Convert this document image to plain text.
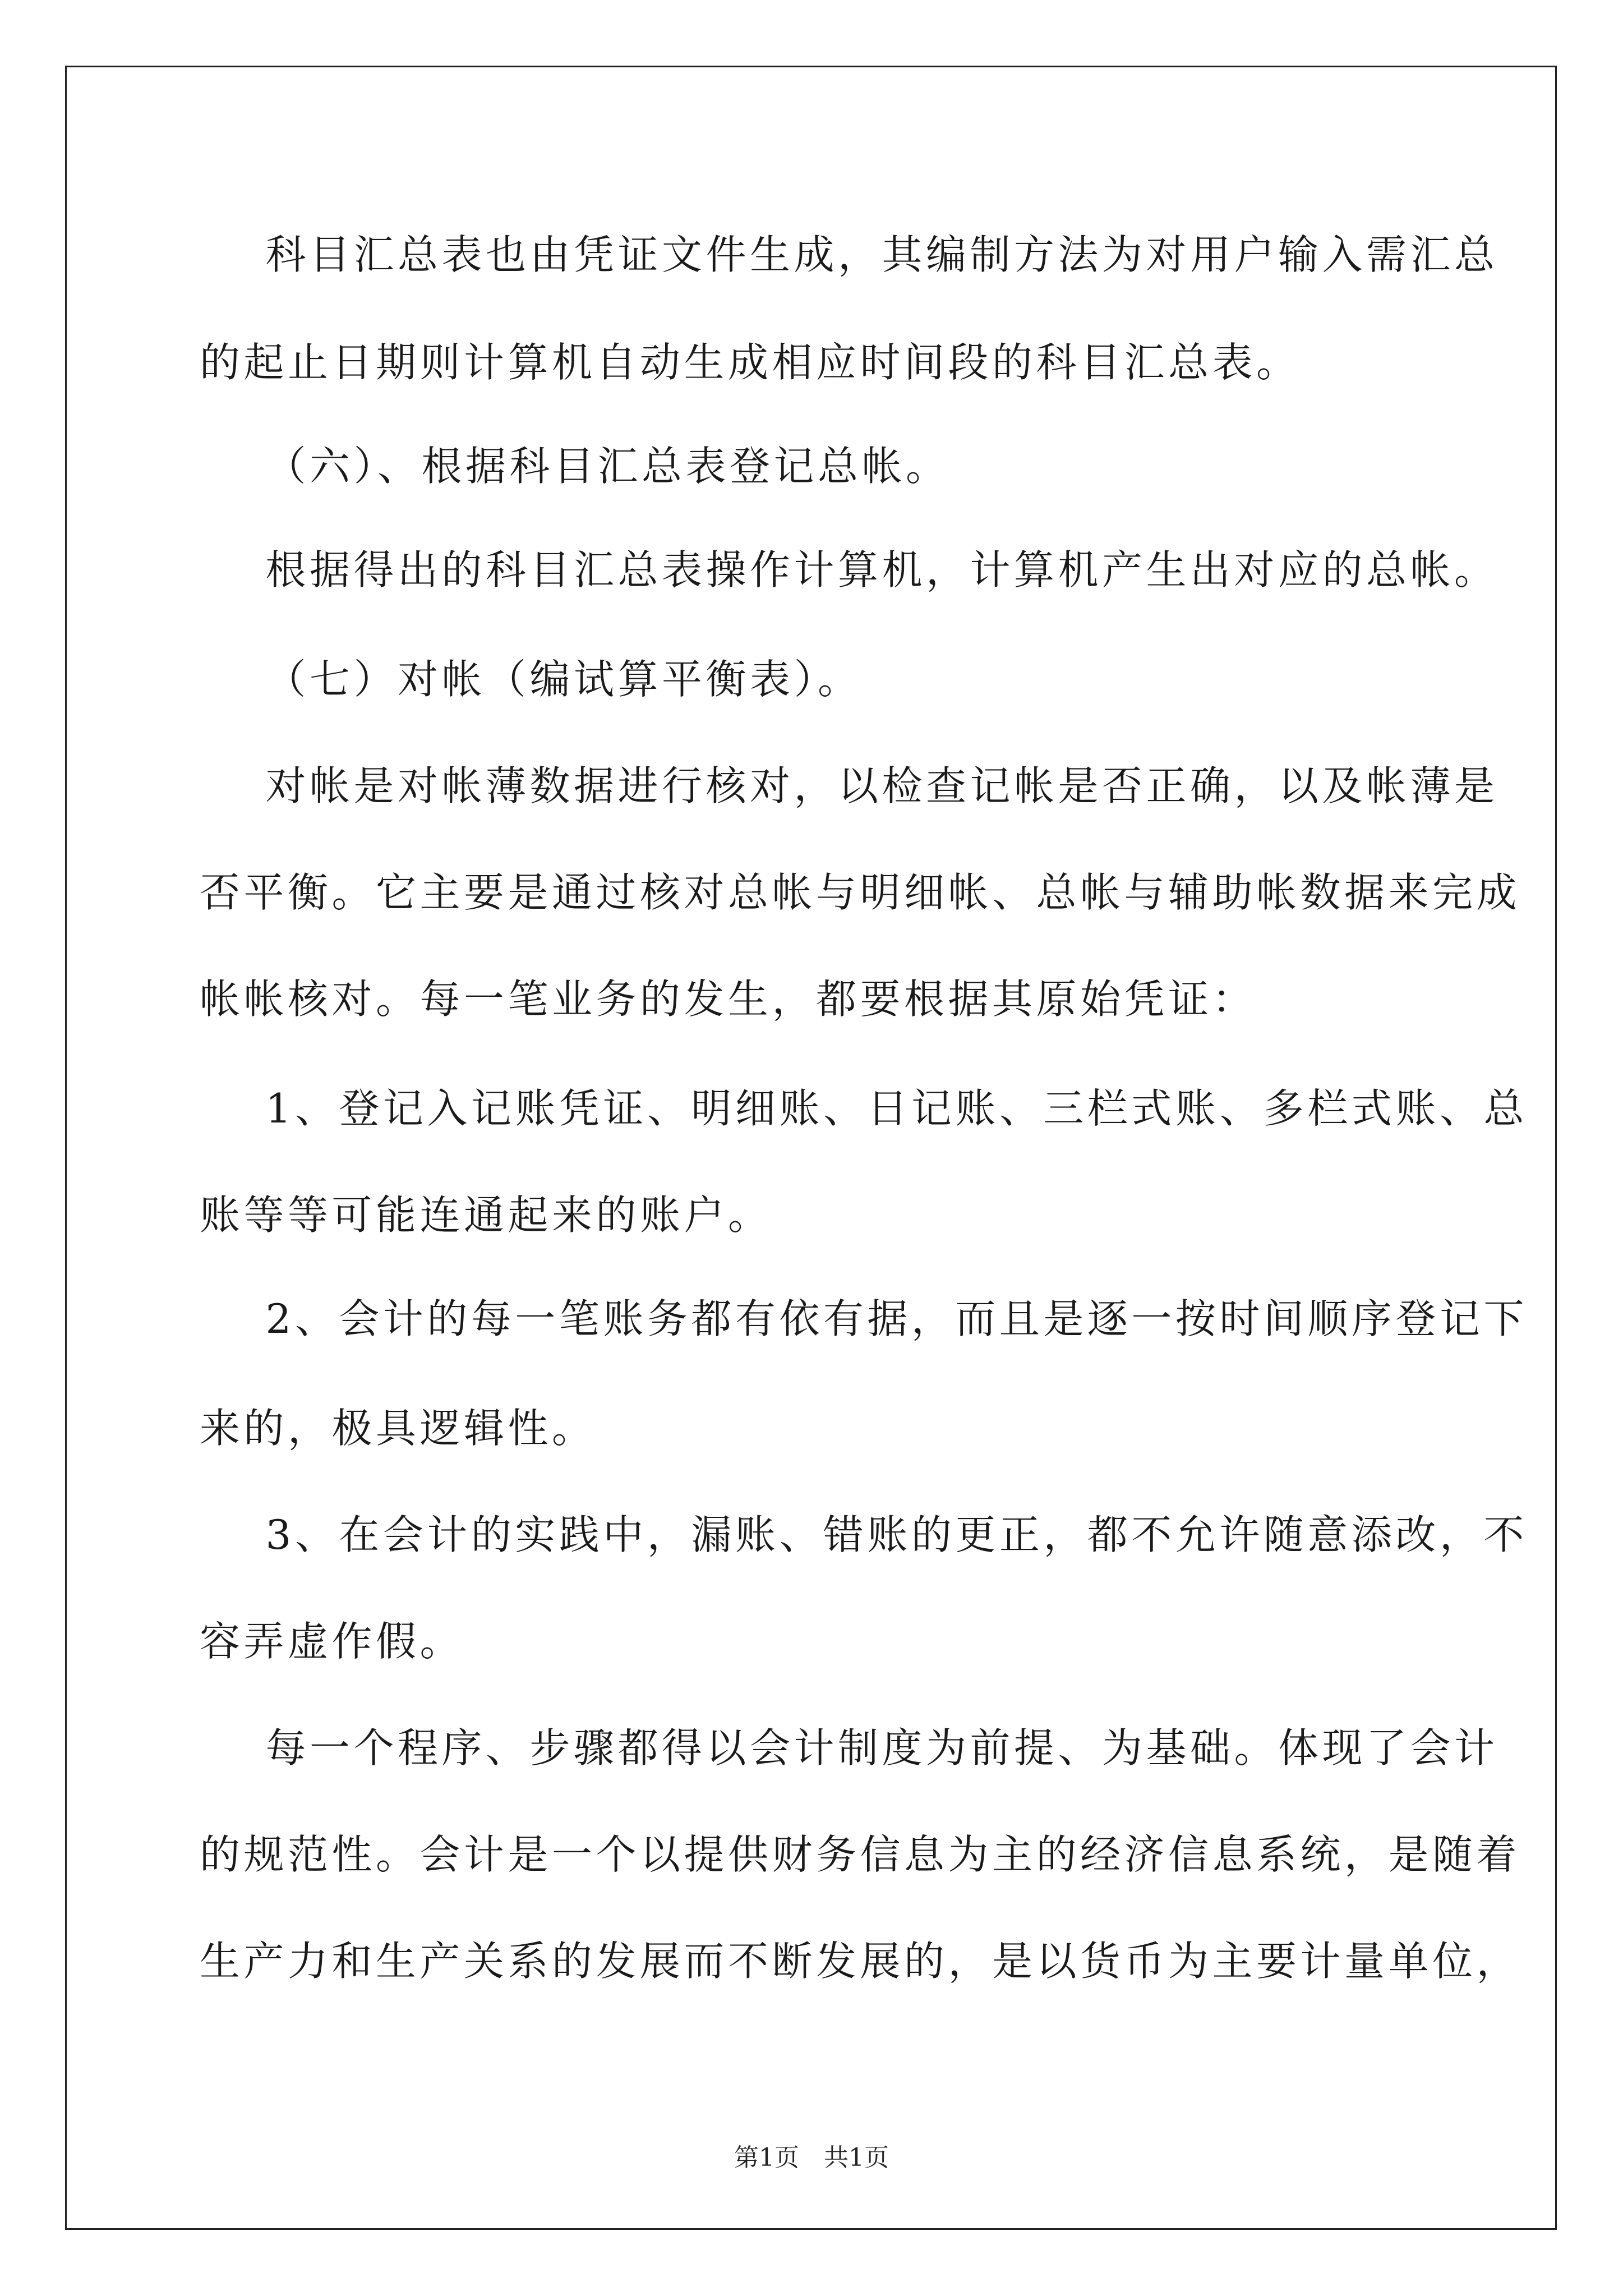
科目汇总表也由凭证文件生成，其编制方法为对用户输入需汇总
的起止日期则计算机自动生成相应时间段的科目汇总表。
（六）、根据科目汇总表登记总帐。
根据得出的科目汇总表操作计算机，计算机产生出对应的总帐。
（七）对帐（编试算平衡表）。
对帐是对帐薄数据进行核对，以检查记帐是否正确，以及帐薄是
否平衡。它主要是通过核对总帐与明细帐、总帐与辅助帐数据来完成
帐帐核对。每一笔业务的发生，都要根据其原始凭证：
1、登记入记账凭证、明细账、日记账、三栏式账、多栏式账、总
账等等可能连通起来的账户。
2、会计的每一笔账务都有依有据，而且是逐一按时间顺序登记下
来的，极具逻辑性。
3、在会计的实践中，漏账、错账的更正，都不允许随意添改，不
容弄虚作假。
每一个程序、步骤都得以会计制度为前提、为基础。体现了会计
的规范性。会计是一个以提供财务信息为主的经济信息系统，是随着
生产力和生产关系的发展而不断发展的，是以货币为主要计量单位，
第1页　共1页
